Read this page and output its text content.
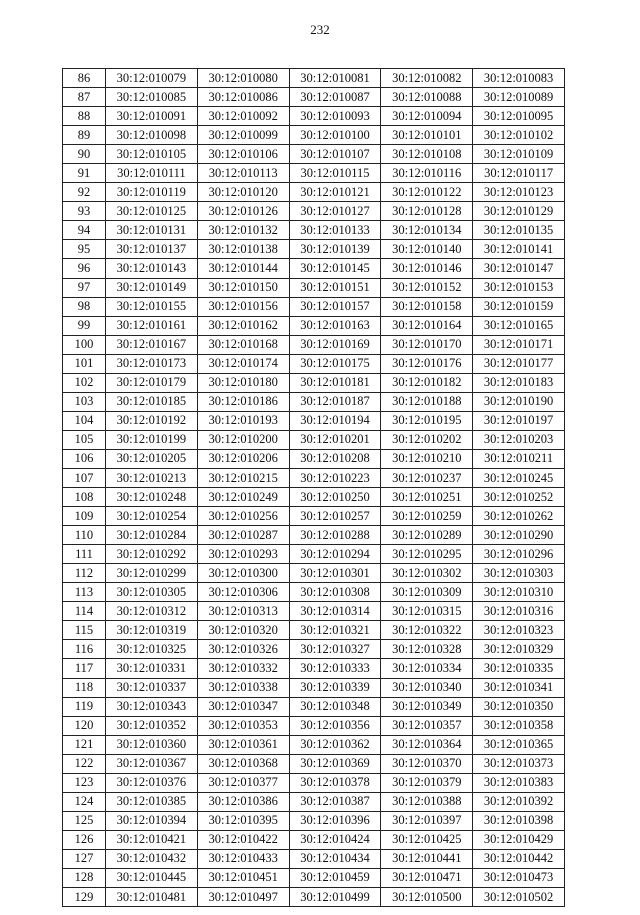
232
86	30:12:010079	30:12:010080	30:12:010081	30:12:010082	30:12:010083
87	30:12:010085	30:12:010086	30:12:010087	30:12:010088	30:12:010089
88	30:12:010091	30:12:010092	30:12:010093	30:12:010094	30:12:010095
89	30:12:010098	30:12:010099	30:12:010100	30:12:010101	30:12:010102
90	30:12:010105	30:12:010106	30:12:010107	30:12:010108	30:12:010109
91	30:12:010111	30:12:010113	30:12:010115	30:12:010116	30:12:010117
92	30:12:010119	30:12:010120	30:12:010121	30:12:010122	30:12:010123
93	30:12:010125	30:12:010126	30:12:010127	30:12:010128	30:12:010129
94	30:12:010131	30:12:010132	30:12:010133	30:12:010134	30:12:010135
95	30:12:010137	30:12:010138	30:12:010139	30:12:010140	30:12:010141
96	30:12:010143	30:12:010144	30:12:010145	30:12:010146	30:12:010147
97	30:12:010149	30:12:010150	30:12:010151	30:12:010152	30:12:010153
98	30:12:010155	30:12:010156	30:12:010157	30:12:010158	30:12:010159
99	30:12:010161	30:12:010162	30:12:010163	30:12:010164	30:12:010165
100	30:12:010167	30:12:010168	30:12:010169	30:12:010170	30:12:010171
101	30:12:010173	30:12:010174	30:12:010175	30:12:010176	30:12:010177
102	30:12:010179	30:12:010180	30:12:010181	30:12:010182	30:12:010183
103	30:12:010185	30:12:010186	30:12:010187	30:12:010188	30:12:010190
104	30:12:010192	30:12:010193	30:12:010194	30:12:010195	30:12:010197
105	30:12:010199	30:12:010200	30:12:010201	30:12:010202	30:12:010203
106	30:12:010205	30:12:010206	30:12:010208	30:12:010210	30:12:010211
107	30:12:010213	30:12:010215	30:12:010223	30:12:010237	30:12:010245
108	30:12:010248	30:12:010249	30:12:010250	30:12:010251	30:12:010252
109	30:12:010254	30:12:010256	30:12:010257	30:12:010259	30:12:010262
110	30:12:010284	30:12:010287	30:12:010288	30:12:010289	30:12:010290
111	30:12:010292	30:12:010293	30:12:010294	30:12:010295	30:12:010296
112	30:12:010299	30:12:010300	30:12:010301	30:12:010302	30:12:010303
113	30:12:010305	30:12:010306	30:12:010308	30:12:010309	30:12:010310
114	30:12:010312	30:12:010313	30:12:010314	30:12:010315	30:12:010316
115	30:12:010319	30:12:010320	30:12:010321	30:12:010322	30:12:010323
116	30:12:010325	30:12:010326	30:12:010327	30:12:010328	30:12:010329
117	30:12:010331	30:12:010332	30:12:010333	30:12:010334	30:12:010335
118	30:12:010337	30:12:010338	30:12:010339	30:12:010340	30:12:010341
119	30:12:010343	30:12:010347	30:12:010348	30:12:010349	30:12:010350
120	30:12:010352	30:12:010353	30:12:010356	30:12:010357	30:12:010358
121	30:12:010360	30:12:010361	30:12:010362	30:12:010364	30:12:010365
122	30:12:010367	30:12:010368	30:12:010369	30:12:010370	30:12:010373
123	30:12:010376	30:12:010377	30:12:010378	30:12:010379	30:12:010383
124	30:12:010385	30:12:010386	30:12:010387	30:12:010388	30:12:010392
125	30:12:010394	30:12:010395	30:12:010396	30:12:010397	30:12:010398
126	30:12:010421	30:12:010422	30:12:010424	30:12:010425	30:12:010429
127	30:12:010432	30:12:010433	30:12:010434	30:12:010441	30:12:010442
128	30:12:010445	30:12:010451	30:12:010459	30:12:010471	30:12:010473
129	30:12:010481	30:12:010497	30:12:010499	30:12:010500	30:12:010502
